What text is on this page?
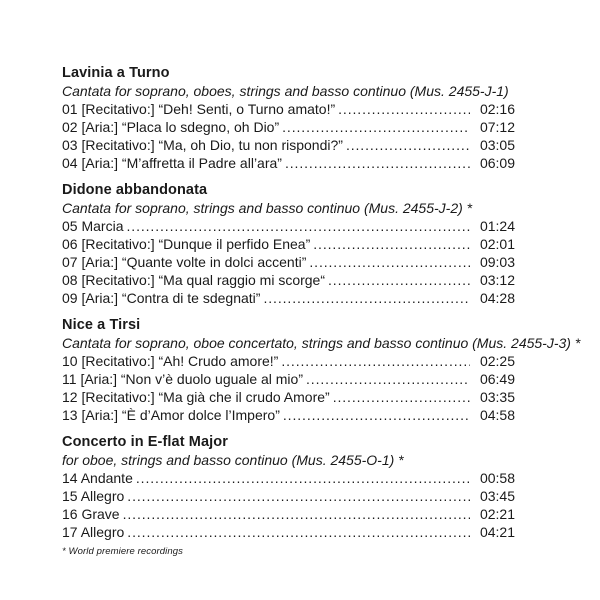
Lavinia a Turno
Cantata for soprano, oboes, strings and basso continuo (Mus. 2455-J-1)
01 [Recitativo:] “Deh! Senti, o Turno amato!” .....	02:16
02 [Aria:] “Placa lo sdegno, oh Dio” .....	07:12
03 [Recitativo:] “Ma, oh Dio, tu non rispondi?” .....	03:05
04 [Aria:] “M’affretta il Padre all’ara” .....	06:09
Didone abbandonata
Cantata for soprano, strings and basso continuo (Mus. 2455-J-2) *
05 Marcia .....	01:24
06 [Recitativo:] “Dunque il perfido Enea” .....	02:01
07 [Aria:] “Quante volte in dolci accenti” .....	09:03
08 [Recitativo:] “Ma qual raggio mi scorge“ .....	03:12
09 [Aria:] “Contra di te sdegnati” .....	04:28
Nice a Tirsi
Cantata for soprano, oboe concertato, strings and basso continuo (Mus. 2455-J-3) *
10 [Recitativo:] “Ah! Crudo amore!” .....	02:25
11 [Aria:] “Non v’è duolo uguale al mio” .....	06:49
12 [Recitativo:] “Ma già che il crudo Amore” .....	03:35
13 [Aria:] “È d’Amor dolce l’Impero” .....	04:58
Concerto in E-flat Major
for oboe, strings and basso continuo (Mus. 2455-O-1) *
14 Andante .....	00:58
15 Allegro .....	03:45
16 Grave .....	02:21
17 Allegro .....	04:21
* World premiere recordings
